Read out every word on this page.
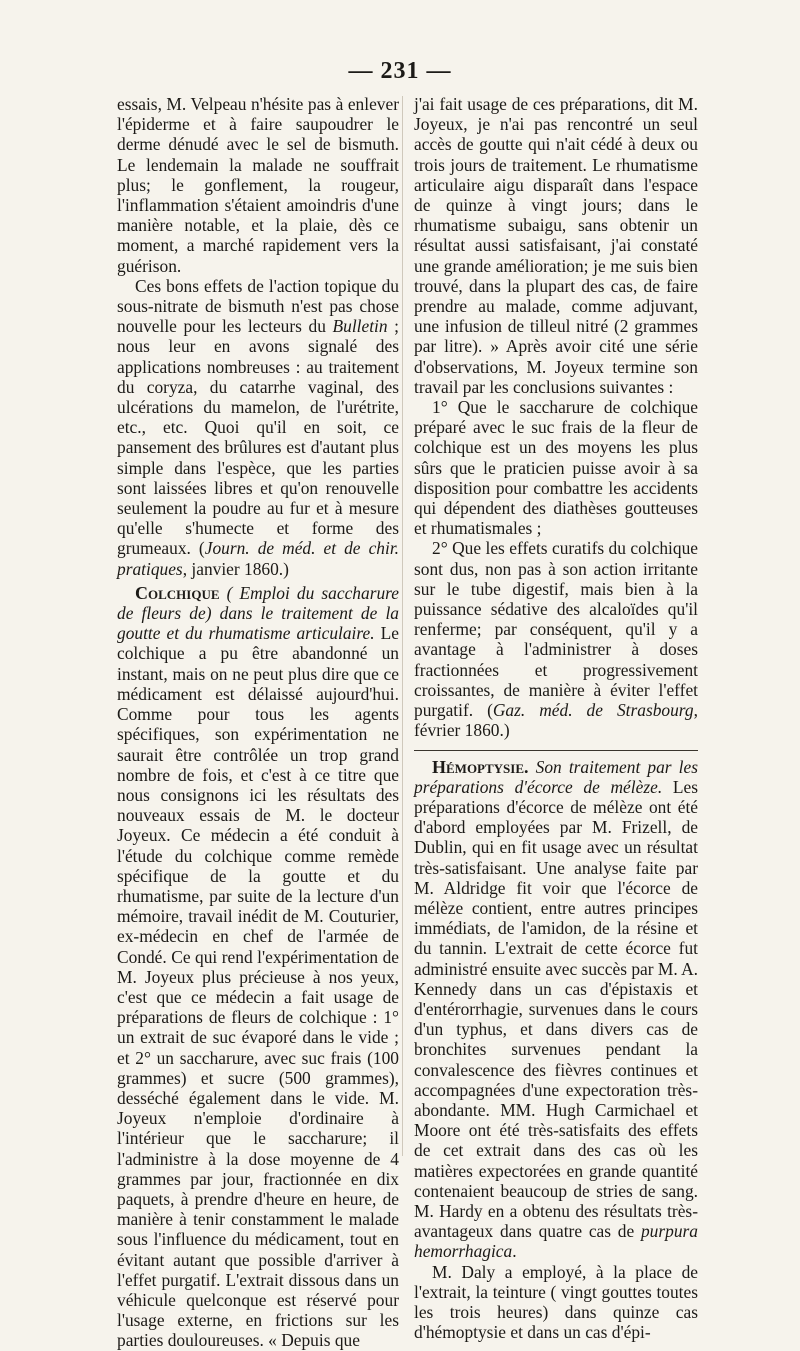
— 231 —

essais, M. Velpeau n'hésite pas à enlever l'épiderme et à faire saupoudrer le derme dénudé avec le sel de bismuth. Le lendemain la malade ne souffrait plus; le gonflement, la rougeur, l'inflammation s'étaient amoindris d'une manière notable, et la plaie, dès ce moment, a marché rapidement vers la guérison.

Ces bons effets de l'action topique du sous-nitrate de bismuth n'est pas chose nouvelle pour les lecteurs du Bulletin ; nous leur en avons signalé des applications nombreuses : au traitement du coryza, du catarrhe vaginal, des ulcérations du mamelon, de l'urétrite, etc., etc. Quoi qu'il en soit, ce pansement des brûlures est d'autant plus simple dans l'espèce, que les parties sont laissées libres et qu'on renouvelle seulement la poudre au fur et à mesure qu'elle s'humecte et forme des grumeaux. (Journ. de méd. et de chir. pratiques, janvier 1860.)

Colchique ( Emploi du saccharure de fleurs de) dans le traitement de la goutte et du rhumatisme articulaire. Le colchique a pu être abandonné un instant, mais on ne peut plus dire que ce médicament est délaissé aujourd'hui. Comme pour tous les agents spécifiques, son expérimentation ne saurait être contrôlée un trop grand nombre de fois, et c'est à ce titre que nous consignons ici les résultats des nouveaux essais de M. le docteur Joyeux. Ce médecin a été conduit à l'étude du colchique comme remède spécifique de la goutte et du rhumatisme, par suite de la lecture d'un mémoire, travail inédit de M. Couturier, ex-médecin en chef de l'armée de Condé. Ce qui rend l'expérimentation de M. Joyeux plus précieuse à nos yeux, c'est que ce médecin a fait usage de préparations de fleurs de colchique : 1° un extrait de suc évaporé dans le vide ; et 2° un saccharure, avec suc frais (100 grammes) et sucre (500 grammes), desséché également dans le vide. M. Joyeux n'emploie d'ordinaire à l'intérieur que le saccharure; il l'administre à la dose moyenne de 4 grammes par jour, fractionnée en dix paquets, à prendre d'heure en heure, de manière à tenir constamment le malade sous l'influence du médicament, tout en évitant autant que possible d'arriver à l'effet purgatif. L'extrait dissous dans un véhicule quelconque est réservé pour l'usage externe, en frictions sur les parties douloureuses. « Depuis que

j'ai fait usage de ces préparations, dit M. Joyeux, je n'ai pas rencontré un seul accès de goutte qui n'ait cédé à deux ou trois jours de traitement. Le rhumatisme articulaire aigu disparaît dans l'espace de quinze à vingt jours; dans le rhumatisme subaigu, sans obtenir un résultat aussi satisfaisant, j'ai constaté une grande amélioration; je me suis bien trouvé, dans la plupart des cas, de faire prendre au malade, comme adjuvant, une infusion de tilleul nitré (2 grammes par litre). » Après avoir cité une série d'observations, M. Joyeux termine son travail par les conclusions suivantes :

1° Que le saccharure de colchique préparé avec le suc frais de la fleur de colchique est un des moyens les plus sûrs que le praticien puisse avoir à sa disposition pour combattre les accidents qui dépendent des diathèses goutteuses et rhumatismales ;

2° Que les effets curatifs du colchique sont dus, non pas à son action irritante sur le tube digestif, mais bien à la puissance sédative des alcaloïdes qu'il renferme; par conséquent, qu'il y a avantage à l'administrer à doses fractionnées et progressivement croissantes, de manière à éviter l'effet purgatif. (Gaz. méd. de Strasbourg, février 1860.)

Hémoptysie. Son traitement par les préparations d'écorce de mélèze. Les préparations d'écorce de mélèze ont été d'abord employées par M. Frizell, de Dublin, qui en fit usage avec un résultat très-satisfaisant. Une analyse faite par M. Aldridge fit voir que l'écorce de mélèze contient, entre autres principes immédiats, de l'amidon, de la résine et du tannin. L'extrait de cette écorce fut administré ensuite avec succès par M. A. Kennedy dans un cas d'épistaxis et d'entérorrhagie, survenues dans le cours d'un typhus, et dans divers cas de bronchites survenues pendant la convalescence des fièvres continues et accompagnées d'une expectoration très-abondante. MM. Hugh Carmichael et Moore ont été très-satisfaits des effets de cet extrait dans des cas où les matières expectorées en grande quantité contenaient beaucoup de stries de sang. M. Hardy en a obtenu des résultats très-avantageux dans quatre cas de purpura hemorrhagica.

M. Daly a employé, à la place de l'extrait, la teinture ( vingt gouttes toutes les trois heures) dans quinze cas d'hémoptysie et dans un cas d'épi-
